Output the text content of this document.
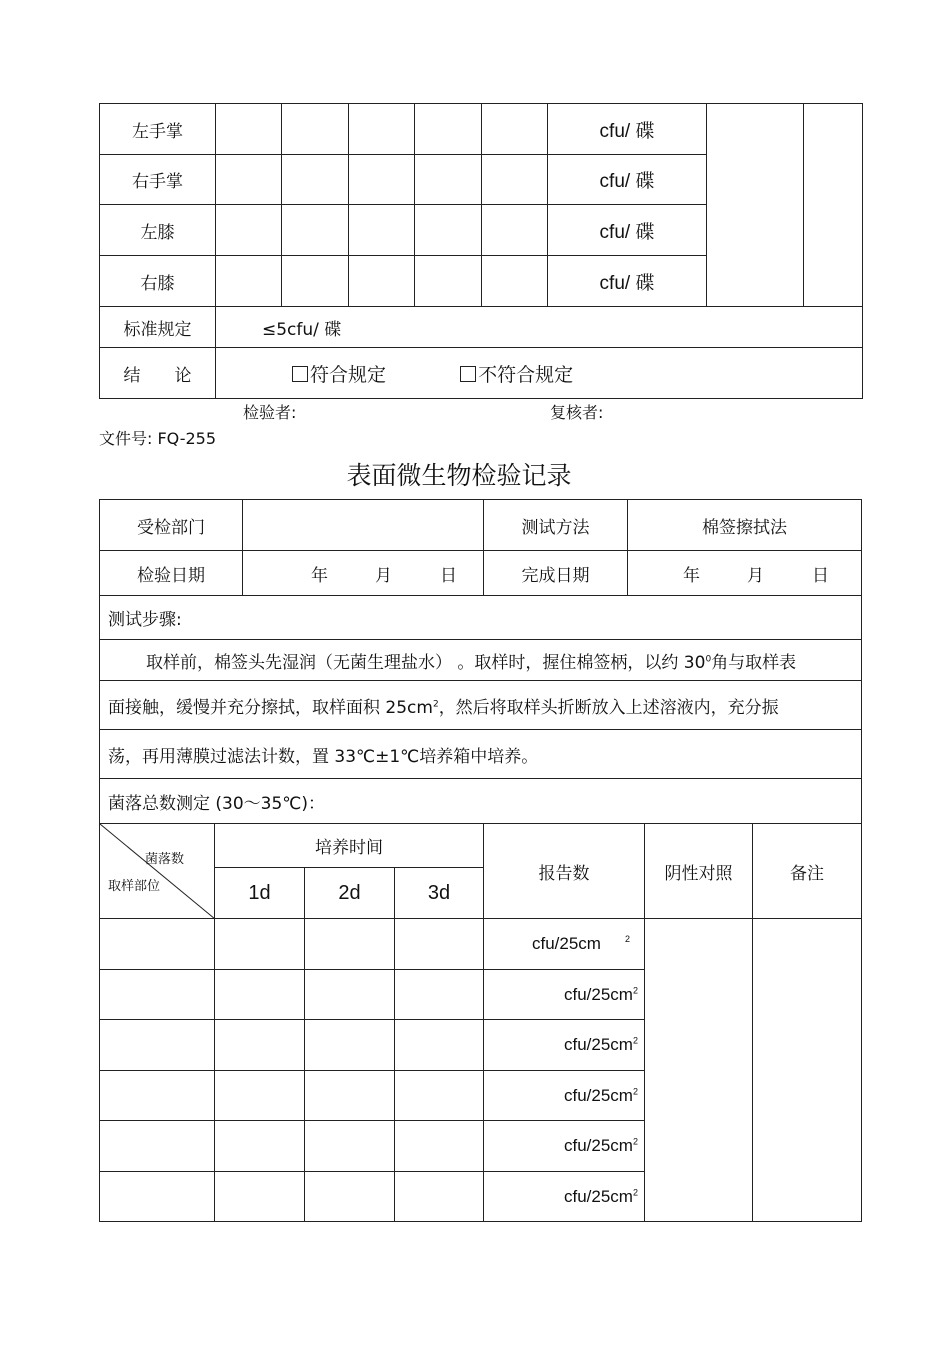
左手掌						cfu/ 碟		
右手掌						cfu/ 碟		
左膝						cfu/ 碟		
右膝						cfu/ 碟		
标准规定	≤5cfu/ 碟							
结　　论	符合规定 不符合规定							
检验者:	复核者:
文件号: FQ-255
表面微生物检验记录
受检部门		测试方法	棉签擦拭法
检验日期	年 月 日	完成日期	年 月 日
测试步骤:			
取样前，棉签头先湿润（无菌生理盐水） 。取样时，握住棉签柄，以约 $30^0$角与取样表			
面接触，缓慢并充分擦拭，取样面积 $25cm^2$，然后将取样头折断放入上述溶液内，充分振			
荡，再用薄膜过滤法计数，置 33℃±1℃培养箱中培养。			
菌落总数测定 (30～35℃)：			
菌落数
取样部位	培养时间			报告数	阴性对照	备注
	1d	2d	3d			
				cfu/25cm $^2$		
				cfu/$25cm^2$
				cfu/$25cm^2$
				cfu/$25cm^2$
				cfu/$25cm^2$
				cfu/$25cm^2$
